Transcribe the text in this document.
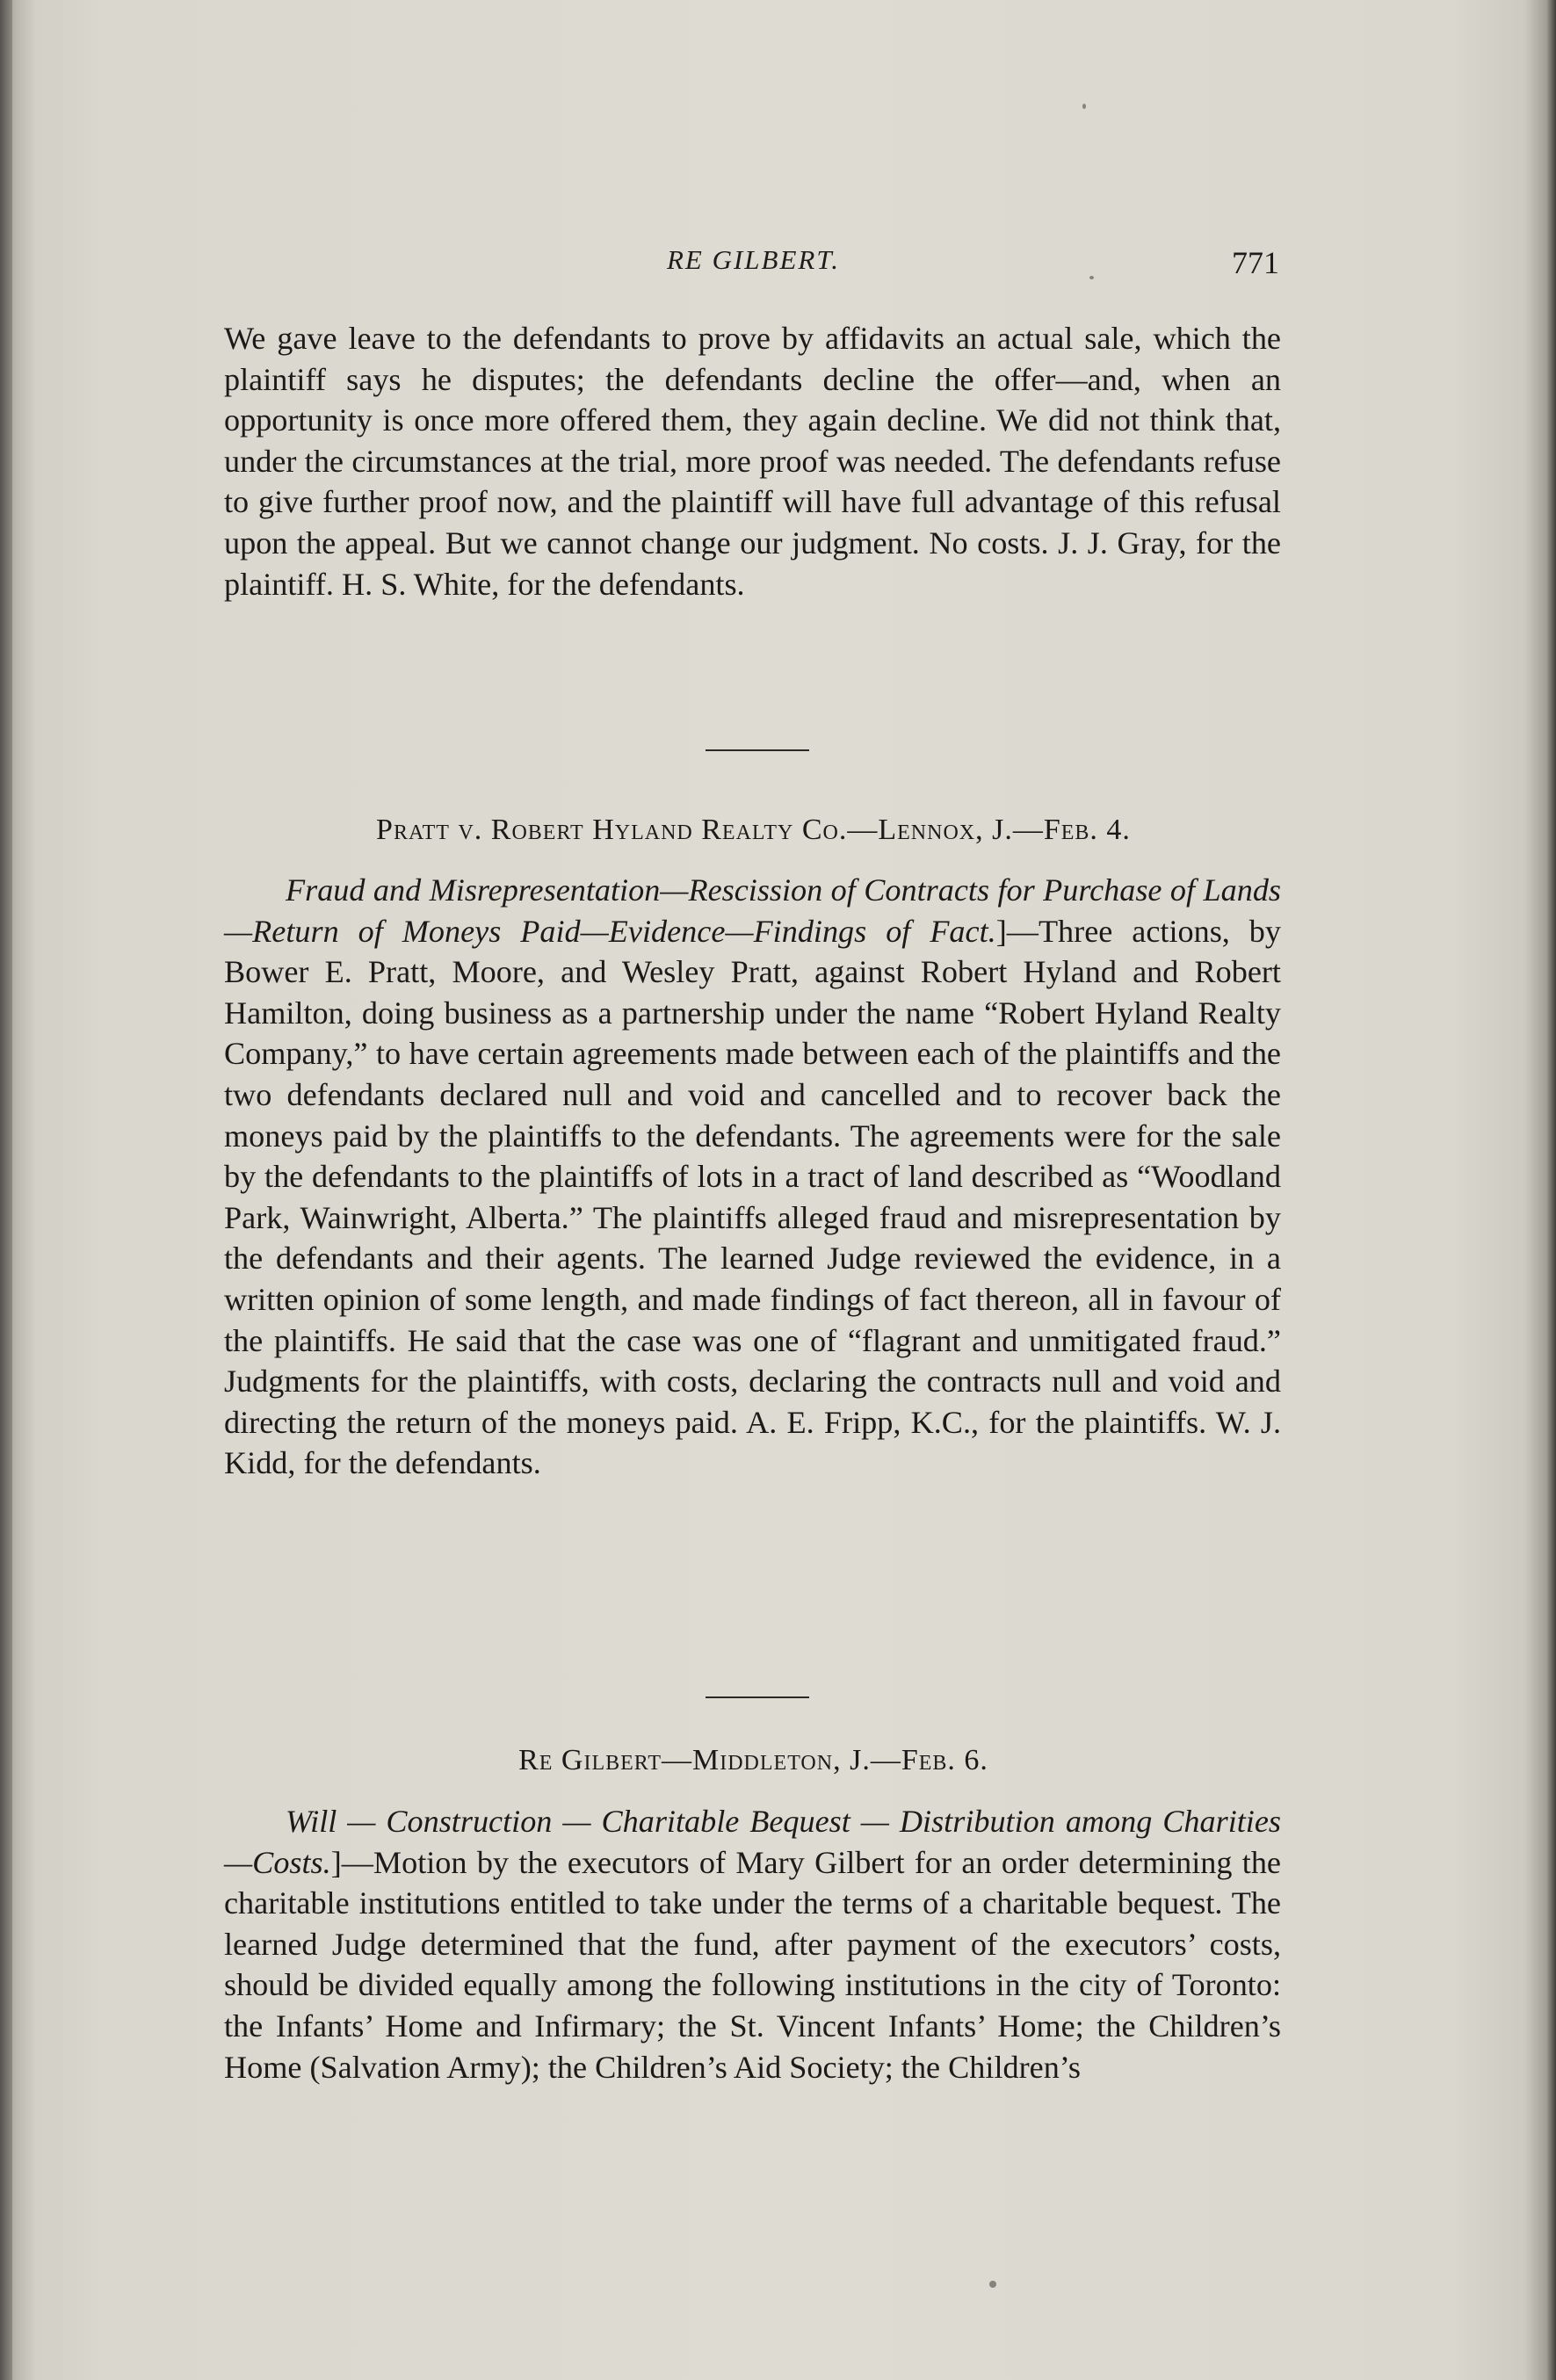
RE GILBERT.	771

We gave leave to the defendants to prove by affidavits an actual sale, which the plaintiff says he disputes; the defendants decline the offer—and, when an opportunity is once more offered them, they again decline. We did not think that, under the circumstances at the trial, more proof was needed. The defendants refuse to give further proof now, and the plaintiff will have full advantage of this refusal upon the appeal. But we cannot change our judgment. No costs. J. J. Gray, for the plaintiff. H. S. White, for the defendants.

Pratt v. Robert Hyland Realty Co.—Lennox, J.—Feb. 4.

Fraud and Misrepresentation—Rescission of Contracts for Purchase of Lands—Return of Moneys Paid—Evidence—Findings of Fact.]—Three actions, by Bower E. Pratt, Moore, and Wesley Pratt, against Robert Hyland and Robert Hamilton, doing business as a partnership under the name “Robert Hyland Realty Company,” to have certain agreements made between each of the plaintiffs and the two defendants declared null and void and cancelled and to recover back the moneys paid by the plaintiffs to the defendants. The agreements were for the sale by the defendants to the plaintiffs of lots in a tract of land described as “Woodland Park, Wainwright, Alberta.” The plaintiffs alleged fraud and misrepresentation by the defendants and their agents. The learned Judge reviewed the evidence, in a written opinion of some length, and made findings of fact thereon, all in favour of the plaintiffs. He said that the case was one of “flagrant and unmitigated fraud.” Judgments for the plaintiffs, with costs, declaring the contracts null and void and directing the return of the moneys paid. A. E. Fripp, K.C., for the plaintiffs. W. J. Kidd, for the defendants.

Re Gilbert—Middleton, J.—Feb. 6.

Will — Construction — Charitable Bequest — Distribution among Charities—Costs.]—Motion by the executors of Mary Gilbert for an order determining the charitable institutions entitled to take under the terms of a charitable bequest. The learned Judge determined that the fund, after payment of the executors’ costs, should be divided equally among the following institutions in the city of Toronto: the Infants’ Home and Infirmary; the St. Vincent Infants’ Home; the Children’s Home (Salvation Army); the Children’s Aid Society; the Children’s
